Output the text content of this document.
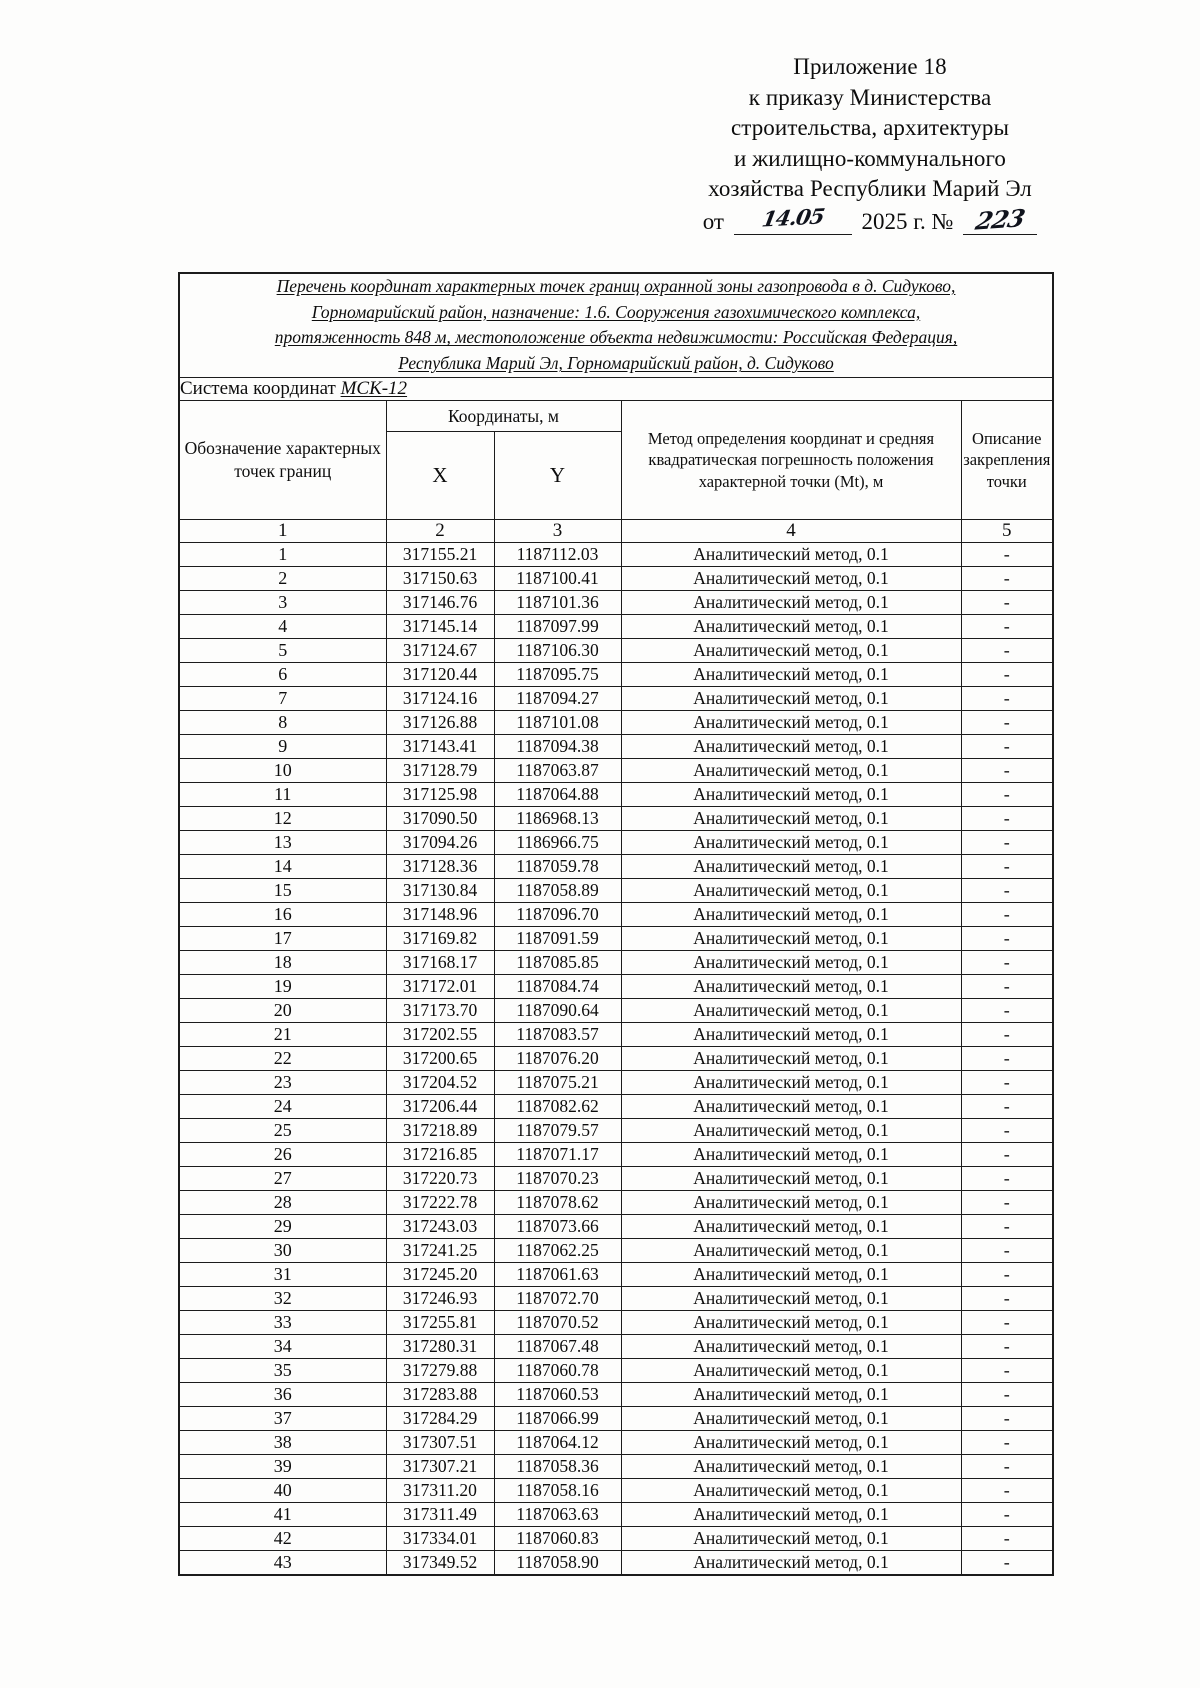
Приложение 18
к приказу Министерства
строительства, архитектуры
и жилищно-коммунального
хозяйства Республики Марий Эл
от	14.05	2025 г. № 223
Перечень координат характерных точек границ охранной зоны газопровода в д. Сидуково,
Горномарийский район, назначение: 1.6. Сооружения газохимического комплекса,
протяженность 848 м, местоположение объекта недвижимости: Российская Федерация,
Республика Марий Эл, Горномарийский район, д. Сидуково				

Система координат МСК-12				
Обозначение характерных точек границ	Координаты, м		Метод определения координат и средняя квадратическая погрешность положения характерной точки (Mt), м	Описание закрепления точки
	X	Y		
1	2	3	4	5
1	317155.21	1187112.03	Аналитический метод, 0.1	-
2	317150.63	1187100.41	Аналитический метод, 0.1	-
3	317146.76	1187101.36	Аналитический метод, 0.1	-
4	317145.14	1187097.99	Аналитический метод, 0.1	-
5	317124.67	1187106.30	Аналитический метод, 0.1	-
6	317120.44	1187095.75	Аналитический метод, 0.1	-
7	317124.16	1187094.27	Аналитический метод, 0.1	-
8	317126.88	1187101.08	Аналитический метод, 0.1	-
9	317143.41	1187094.38	Аналитический метод, 0.1	-
10	317128.79	1187063.87	Аналитический метод, 0.1	-
11	317125.98	1187064.88	Аналитический метод, 0.1	-
12	317090.50	1186968.13	Аналитический метод, 0.1	-
13	317094.26	1186966.75	Аналитический метод, 0.1	-
14	317128.36	1187059.78	Аналитический метод, 0.1	-
15	317130.84	1187058.89	Аналитический метод, 0.1	-
16	317148.96	1187096.70	Аналитический метод, 0.1	-
17	317169.82	1187091.59	Аналитический метод, 0.1	-
18	317168.17	1187085.85	Аналитический метод, 0.1	-
19	317172.01	1187084.74	Аналитический метод, 0.1	-
20	317173.70	1187090.64	Аналитический метод, 0.1	-
21	317202.55	1187083.57	Аналитический метод, 0.1	-
22	317200.65	1187076.20	Аналитический метод, 0.1	-
23	317204.52	1187075.21	Аналитический метод, 0.1	-
24	317206.44	1187082.62	Аналитический метод, 0.1	-
25	317218.89	1187079.57	Аналитический метод, 0.1	-
26	317216.85	1187071.17	Аналитический метод, 0.1	-
27	317220.73	1187070.23	Аналитический метод, 0.1	-
28	317222.78	1187078.62	Аналитический метод, 0.1	-
29	317243.03	1187073.66	Аналитический метод, 0.1	-
30	317241.25	1187062.25	Аналитический метод, 0.1	-
31	317245.20	1187061.63	Аналитический метод, 0.1	-
32	317246.93	1187072.70	Аналитический метод, 0.1	-
33	317255.81	1187070.52	Аналитический метод, 0.1	-
34	317280.31	1187067.48	Аналитический метод, 0.1	-
35	317279.88	1187060.78	Аналитический метод, 0.1	-
36	317283.88	1187060.53	Аналитический метод, 0.1	-
37	317284.29	1187066.99	Аналитический метод, 0.1	-
38	317307.51	1187064.12	Аналитический метод, 0.1	-
39	317307.21	1187058.36	Аналитический метод, 0.1	-
40	317311.20	1187058.16	Аналитический метод, 0.1	-
41	317311.49	1187063.63	Аналитический метод, 0.1	-
42	317334.01	1187060.83	Аналитический метод, 0.1	-
43	317349.52	1187058.90	Аналитический метод, 0.1	-
